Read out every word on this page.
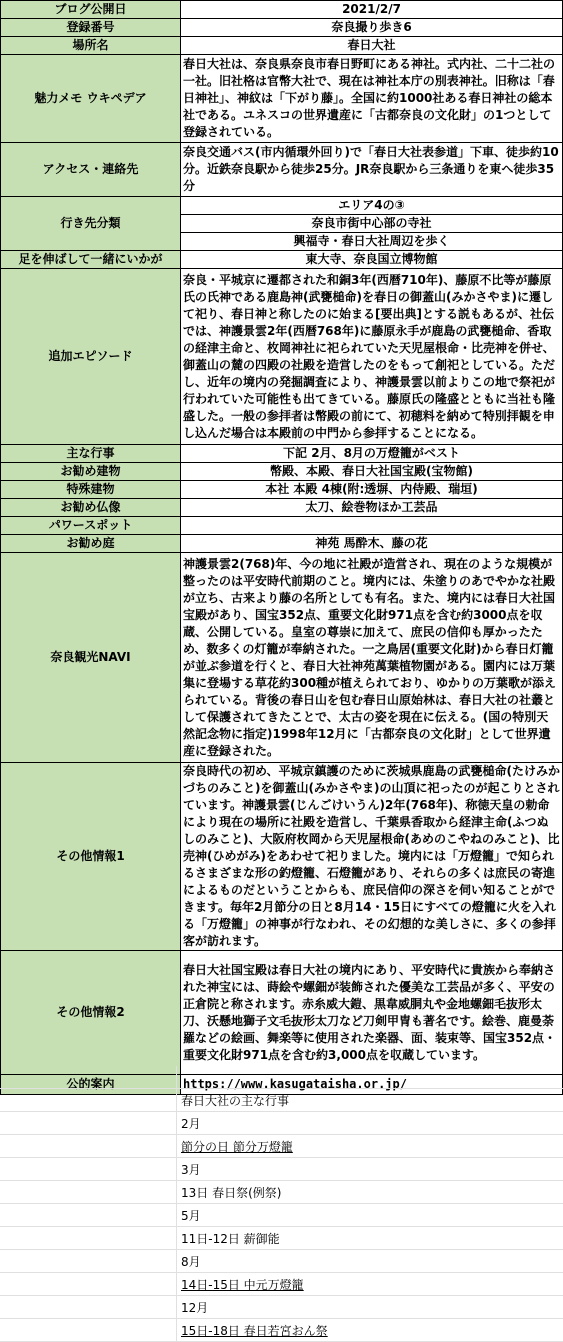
ブログ公開日	2021/2/7
登録番号	奈良撮り歩き6
場所名	春日大社
魅力メモ ウキペデア	春日大社は、奈良県奈良市春日野町にある神社。式内社、二十二社の一社。旧社格は官幣大社で、現在は神社本庁の別表神社。旧称は「春日神社」、神紋は「下がり藤」。全国に約1000社ある春日神社の総本社である。ユネスコの世界遺産に「古都奈良の文化財」の1つとして登録されている。
アクセス・連絡先	奈良交通バス(市内循環外回り)で「春日大社表参道」下車、徒歩約10分。近鉄奈良駅から徒歩25分。JR奈良駅から三条通りを東へ徒歩35分
行き先分類	エリア4の③
	奈良市街中心部の寺社
	興福寺・春日大社周辺を歩く
足を伸ばして一緒にいかが	東大寺、奈良国立博物館
追加エピソード	奈良・平城京に遷都された和銅3年(西暦710年)、藤原不比等が藤原氏の氏神である鹿島神(武甕槌命)を春日の御蓋山(みかさやま)に遷して祀り、春日神と称したのに始まる[要出典]とする説もあるが、社伝では、神護景雲2年(西暦768年)に藤原永手が鹿島の武甕槌命、香取の経津主命と、枚岡神社に祀られていた天児屋根命・比売神を併せ、御蓋山の麓の四殿の社殿を造営したのをもって創祀としている。ただし、近年の境内の発掘調査により、神護景雲以前よりこの地で祭祀が行われていた可能性も出てきている。藤原氏の隆盛とともに当社も隆盛した。一般の参拝者は幣殿の前にて、初穂料を納めて特別拝観を申し込んだ場合は本殿前の中門から参拝することになる。
主な行事	下記 2月、8月の万燈籠がベスト
お勧め建物	幣殿、本殿、春日大社国宝殿(宝物館)
特殊建物	本社 本殿 4棟(附:透塀、内侍殿、瑞垣)
お勧め仏像	太刀、絵巻物ほか工芸品
パワースポット	
お勧め庭	神苑 馬酔木、藤の花
奈良観光NAVI	神護景雲2(768)年、今の地に社殿が造営され、現在のような規模が整ったのは平安時代前期のこと。境内には、朱塗りのあでやかな社殿が立ち、古来より藤の名所としても有名。また、境内には春日大社国宝殿があり、国宝352点、重要文化財971点を含む約3000点を収蔵、公開している。皇室の尊崇に加えて、庶民の信仰も厚かったため、数多くの灯籠が奉納された。一之鳥居(重要文化財)から春日灯籠が並ぶ参道を行くと、春日大社神苑萬葉植物園がある。園内には万葉集に登場する草花約300種が植えられており、ゆかりの万葉歌が添えられている。背後の春日山を包む春日山原始林は、春日大社の社叢として保護されてきたことで、太古の姿を現在に伝える。(国の特別天然記念物に指定)1998年12月に「古都奈良の文化財」として世界遺産に登録された。
その他情報1	奈良時代の初め、平城京鎮護のために茨城県鹿島の武甕槌命(たけみかづちのみこと)を御蓋山(みかさやま)の山頂に祀ったのが起こりとされています。神護景雲(じんごけいうん)2年(768年)、称徳天皇の勅命により現在の場所に社殿を造営し、千葉県香取から経津主命(ふつぬしのみこと)、大阪府枚岡から天児屋根命(あめのこやねのみこと)、比売神(ひめがみ)をあわせて祀りました。境内には「万燈籠」で知られるさまざまな形の釣燈籠、石燈籠があり、それらの多くは庶民の寄進によるものだということからも、庶民信仰の深さを伺い知ることができます。毎年2月節分の日と8月14・15日にすべての燈籠に火を入れる「万燈籠」の神事が行なわれ、その幻想的な美しさに、多くの参拝客が訪れます。
その他情報2	春日大社国宝殿は春日大社の境内にあり、平安時代に貴族から奉納された神宝には、蒔絵や螺鈿が装飾された優美な工芸品が多く、平安の正倉院と称されます。赤糸威大鎧、黒韋威胴丸や金地螺鈿毛抜形太刀、沃懸地獅子文毛抜形太刀など刀剣甲冑も著名です。絵巻、鹿曼荼羅などの絵画、舞楽等に使用された楽器、面、装束等、国宝352点・重要文化財971点を含む約3,000点を収蔵しています。
公的案内	https://www.kasugataisha.or.jp/
春日大社の主な行事
2月
節分の日 節分万燈籠
3月
13日 春日祭(例祭)
5月
11日-12日 薪御能
8月
14日-15日 中元万燈籠
12月
15日-18日 春日若宮おん祭
